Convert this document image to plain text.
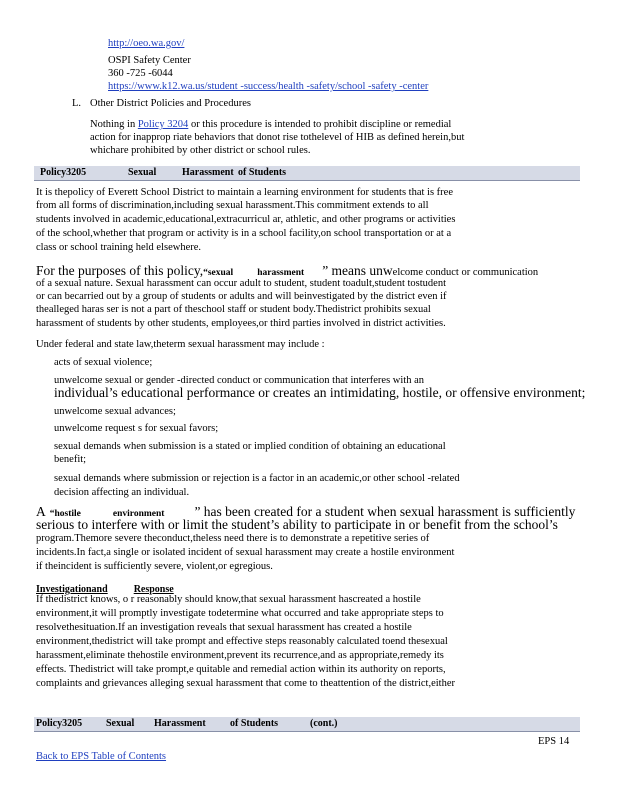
http://oeo.wa.gov/
OSPI Safety Center
360 -725 -6044
https://www.k12.wa.us/student -success/health -safety/school -safety -center
L. Other District Policies and Procedures
Nothing in Policy 3204 or this procedure is intended to prohibit discipline or remedial
action for inapprop riate behaviors that donot rise tothelevel of HIB as defined herein,but
whichare prohibited by other district or school rules.
Policy3205	Sexual	Harassment of Students
It is thepolicy of Everett School District to maintain a learning environment for students that is free
from all forms of discrimination,including sexual harassment.This commitment extends to all
students involved in academic,educational,extracurricul ar, athletic, and other programs or activities
of the school,whether that program or activity is in a school facility,on school transportation or at a
class or school training held elsewhere.
For the purposes of this policy,“sexual	harassment ” means unwelcome conduct or communication
of a sexual nature. Sexual harassment can occur adult to student, student toadult,student tostudent
or can becarried out by a group of students or adults and will beinvestigated by the district even if
thealleged haras ser is not a part of theschool staff or student body.Thedistrict prohibits sexual
harassment of students by other students, employees,or third parties involved in district activities.
Under federal and state law,theterm sexual harassment may include :
acts of sexual violence;
unwelcome sexual or gender -directed conduct or communication that interferes with an
individual’s educational performance or creates an intimidating, hostile, or offensive environment;
unwelcome sexual advances;
unwelcome request s for sexual favors;
sexual demands when submission is a stated or implied condition of obtaining an educational
benefit;
sexual demands where submission or rejection is a factor in an academic,or other school -related
decision affecting an individual.
A “hostile	environment ” has been created for a student when sexual harassment is sufficiently
serious to interfere with or limit the student’s ability to participate in or benefit from the school’s
program.Themore severe theconduct,theless need there is to demonstrate a repetitive series of
incidents.In fact,a single or isolated incident of sexual harassment may create a hostile environment
if theincident is sufficiently severe, violent,or egregious.
Investigationand	Response
If thedistrict knows, o r reasonably should know,that sexual harassment hascreated a hostile
environment,it will promptly investigate todetermine what occurred and take appropriate steps to
resolvethesituation.If an investigation reveals that sexual harassment has created a hostile
environment,thedistrict will take prompt and effective steps reasonably calculated toend thesexual
harassment,eliminate thehostile environment,prevent its recurrence,and as appropriate,remedy its
effects. Thedistrict will take prompt,e quitable and remedial action within its authority on reports,
complaints and grievances alleging sexual harassment that come to theattention of the district,either
Policy3205 Sexual Harassment of Students	(cont.)
EPS 14
Back to EPS Table of Contents
